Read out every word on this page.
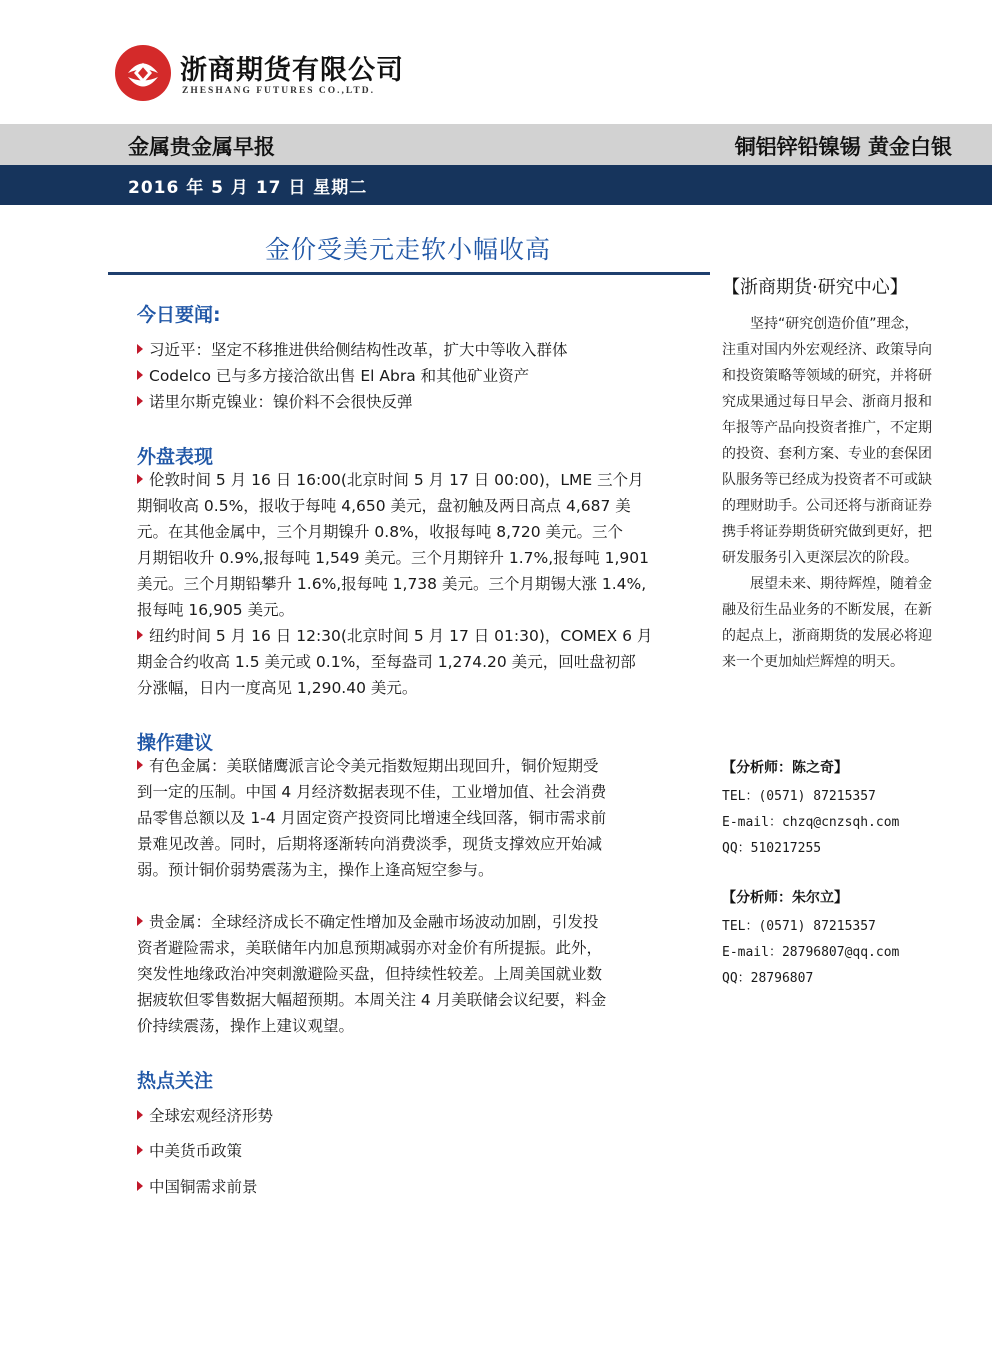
浙商期货有限公司
ZHESHANG FUTURES CO.,LTD.
金属贵金属早报	铜铝锌铅镍锡 黄金白银
2016 年 5 月 17 日 星期二
金价受美元走软小幅收高
今日要闻:
习近平：坚定不移推进供给侧结构性改革，扩大中等收入群体
Codelco 已与多方接洽欲出售 El Abra 和其他矿业资产
诺里尔斯克镍业：镍价料不会很快反弹
外盘表现
伦敦时间 5 月 16 日 16:00(北京时间 5 月 17 日 00:00)，LME 三个月
期铜收高 0.5%，报收于每吨 4,650 美元，盘初触及两日高点 4,687 美
元。在其他金属中，三个月期镍升 0.8%，收报每吨 8,720 美元。三个
月期铝收升 0.9%,报每吨 1,549 美元。三个月期锌升 1.7%,报每吨 1,901
美元。三个月期铅攀升 1.6%,报每吨 1,738 美元。三个月期锡大涨 1.4%,
报每吨 16,905 美元。
纽约时间 5 月 16 日 12:30(北京时间 5 月 17 日 01:30)，COMEX 6 月
期金合约收高 1.5 美元或 0.1%，至每盎司 1,274.20 美元，回吐盘初部
分涨幅，日内一度高见 1,290.40 美元。
操作建议
有色金属：美联储鹰派言论令美元指数短期出现回升，铜价短期受
到一定的压制。中国 4 月经济数据表现不佳，工业增加值、社会消费
品零售总额以及 1-4 月固定资产投资同比增速全线回落，铜市需求前
景难见改善。同时，后期将逐渐转向消费淡季，现货支撑效应开始减
弱。预计铜价弱势震荡为主，操作上逢高短空参与。
贵金属：全球经济成长不确定性增加及金融市场波动加剧，引发投
资者避险需求，美联储年内加息预期减弱亦对金价有所提振。此外，
突发性地缘政治冲突刺激避险买盘，但持续性较差。上周美国就业数
据疲软但零售数据大幅超预期。本周关注 4 月美联储会议纪要，料金
价持续震荡，操作上建议观望。
热点关注
全球宏观经济形势
中美货币政策
中国铜需求前景
【浙商期货·研究中心】
坚持“研究创造价值”理念，
注重对国内外宏观经济、政策导向
和投资策略等领域的研究，并将研
究成果通过每日早会、浙商月报和
年报等产品向投资者推广，不定期
的投资、套利方案、专业的套保团
队服务等已经成为投资者不可或缺
的理财助手。公司还将与浙商证券
携手将证券期货研究做到更好，把
研发服务引入更深层次的阶段。
展望未来、期待辉煌，随着金
融及衍生品业务的不断发展，在新
的起点上，浙商期货的发展必将迎
来一个更加灿烂辉煌的明天。
【分析师：陈之奇】
TEL：(0571) 87215357
E-mail：chzq@cnzsqh.com
QQ：510217255
【分析师：朱尔立】
TEL：(0571) 87215357
E-mail：28796807@qq.com
QQ：28796807
